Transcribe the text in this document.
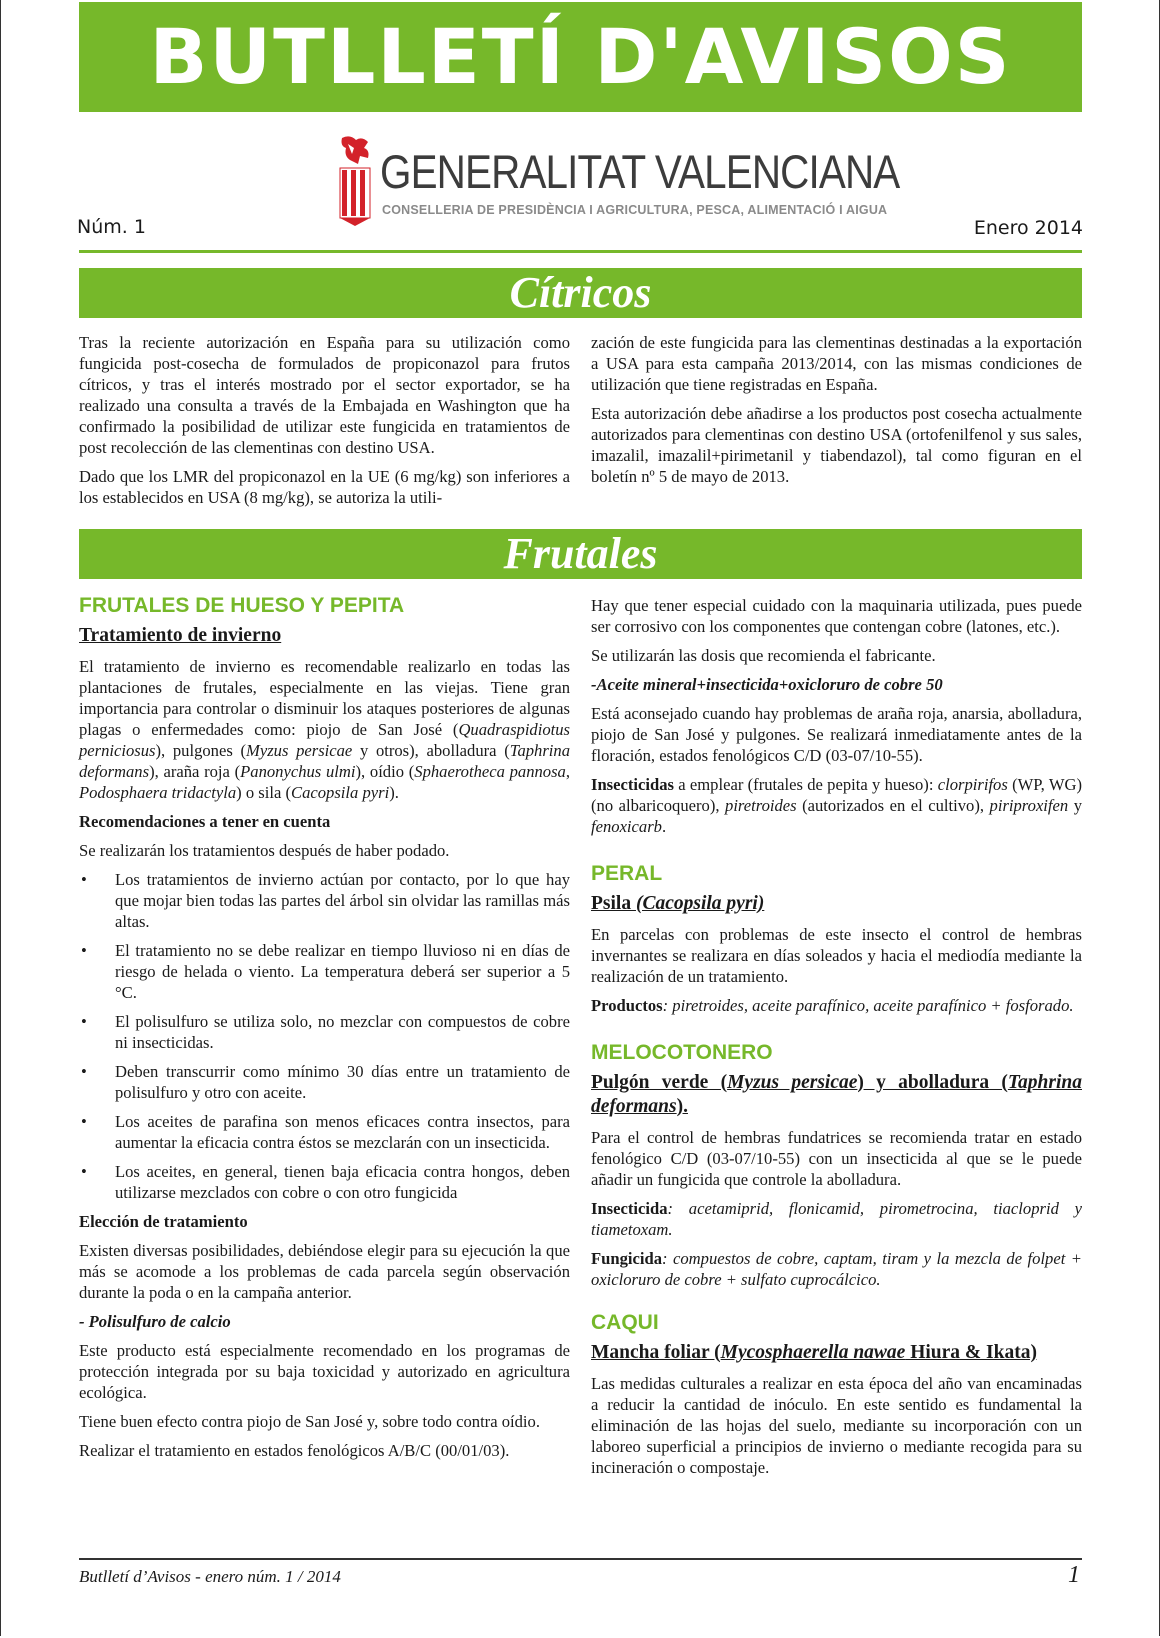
BUTLLETÍ D'AVISOS
GENERALITAT VALENCIANA
CONSELLERIA DE PRESIDÈNCIA I AGRICULTURA, PESCA, ALIMENTACIÓ I AIGUA
Núm. 1	Enero 2014
Cítricos

Tras la reciente autorización en España para su utilización como fungicida post-cosecha de formulados de propiconazol para frutos cítricos, y tras el interés mostrado por el sector exportador, se ha realizado una consulta a través de la Embajada en Washington que ha confirmado la posibilidad de utilizar este fungicida en tratamientos de post recolección de las clementinas con destino USA.

Dado que los LMR del propiconazol en la UE (6 mg/kg) son inferiores a los establecidos en USA (8 mg/kg), se autoriza la utili-

zación de este fungicida para las clementinas destinadas a la exportación a USA para esta campaña 2013/2014, con las mismas condiciones de utilización que tiene registradas en España.

Esta autorización debe añadirse a los productos post cosecha actualmente autorizados para clementinas con destino USA (ortofenilfenol y sus sales, imazalil, imazalil+pirimetanil y tiabendazol), tal como figuran en el boletín nº 5 de mayo de 2013.

Frutales
FRUTALES DE HUESO Y PEPITA
Tratamiento de invierno

El tratamiento de invierno es recomendable realizarlo en todas las plantaciones de frutales, especialmente en las viejas. Tiene gran importancia para controlar o disminuir los ataques posteriores de algunas plagas o enfermedades como: piojo de San José (Quadraspidiotus perniciosus), pulgones (Myzus persicae y otros), abolladura (Taphrina deformans), araña roja (Panonychus ulmi), oídio (Sphaerotheca pannosa, Podosphaera tridactyla) o sila (Cacopsila pyri).

Recomendaciones a tener en cuenta

Se realizarán los tratamientos después de haber podado.

• Los tratamientos de invierno actúan por contacto, por lo que hay que mojar bien todas las partes del árbol sin olvidar las ramillas más altas.
• El tratamiento no se debe realizar en tiempo lluvioso ni en días de riesgo de helada o viento. La temperatura deberá ser superior a 5 °C.
• El polisulfuro se utiliza solo, no mezclar con compuestos de cobre ni insecticidas.
• Deben transcurrir como mínimo 30 días entre un tratamiento de polisulfuro y otro con aceite.
• Los aceites de parafina son menos eficaces contra insectos, para aumentar la eficacia contra éstos se mezclarán con un insecticida.
• Los aceites, en general, tienen baja eficacia contra hongos, deben utilizarse mezclados con cobre o con otro fungicida

Elección de tratamiento

Existen diversas posibilidades, debiéndose elegir para su ejecución la que más se acomode a los problemas de cada parcela según observación durante la poda o en la campaña anterior.

- Polisulfuro de calcio

Este producto está especialmente recomendado en los programas de protección integrada por su baja toxicidad y autorizado en agricultura ecológica.

Tiene buen efecto contra piojo de San José y, sobre todo contra oídio.

Realizar el tratamiento en estados fenológicos A/B/C (00/01/03).

Hay que tener especial cuidado con la maquinaria utilizada, pues puede ser corrosivo con los componentes que contengan cobre (latones, etc.).

Se utilizarán las dosis que recomienda el fabricante.

-Aceite mineral+insecticida+oxicloruro de cobre 50

Está aconsejado cuando hay problemas de araña roja, anarsia, abolladura, piojo de San José y pulgones. Se realizará inmediatamente antes de la floración, estados fenológicos C/D (03-07/10-55).

Insecticidas a emplear (frutales de pepita y hueso): clorpirifos (WP, WG) (no albaricoquero), piretroides (autorizados en el cultivo), piriproxifen y fenoxicarb.

PERAL
Psila (Cacopsila pyri)

En parcelas con problemas de este insecto el control de hembras invernantes se realizara en días soleados y hacia el mediodía mediante la realización de un tratamiento.

Productos: piretroides, aceite parafínico, aceite parafínico + fosforado.

MELOCOTONERO
Pulgón verde (Myzus persicae) y abolladura (Taphrina deformans).

Para el control de hembras fundatrices se recomienda tratar en estado fenológico C/D (03-07/10-55) con un insecticida al que se le puede añadir un fungicida que controle la abolladura.

Insecticida: acetamiprid, flonicamid, pirometrocina, tiacloprid y tiametoxam.

Fungicida: compuestos de cobre, captam, tiram y la mezcla de folpet + oxicloruro de cobre + sulfato cuprocálcico.

CAQUI
Mancha foliar (Mycosphaerella nawae Hiura & Ikata)

Las medidas culturales a realizar en esta época del año van encaminadas a reducir la cantidad de inóculo. En este sentido es fundamental la eliminación de las hojas del suelo, mediante su incorporación con un laboreo superficial a principios de invierno o mediante recogida para su incineración o compostaje.

Butlletí d’Avisos - enero núm. 1 / 2014	1
